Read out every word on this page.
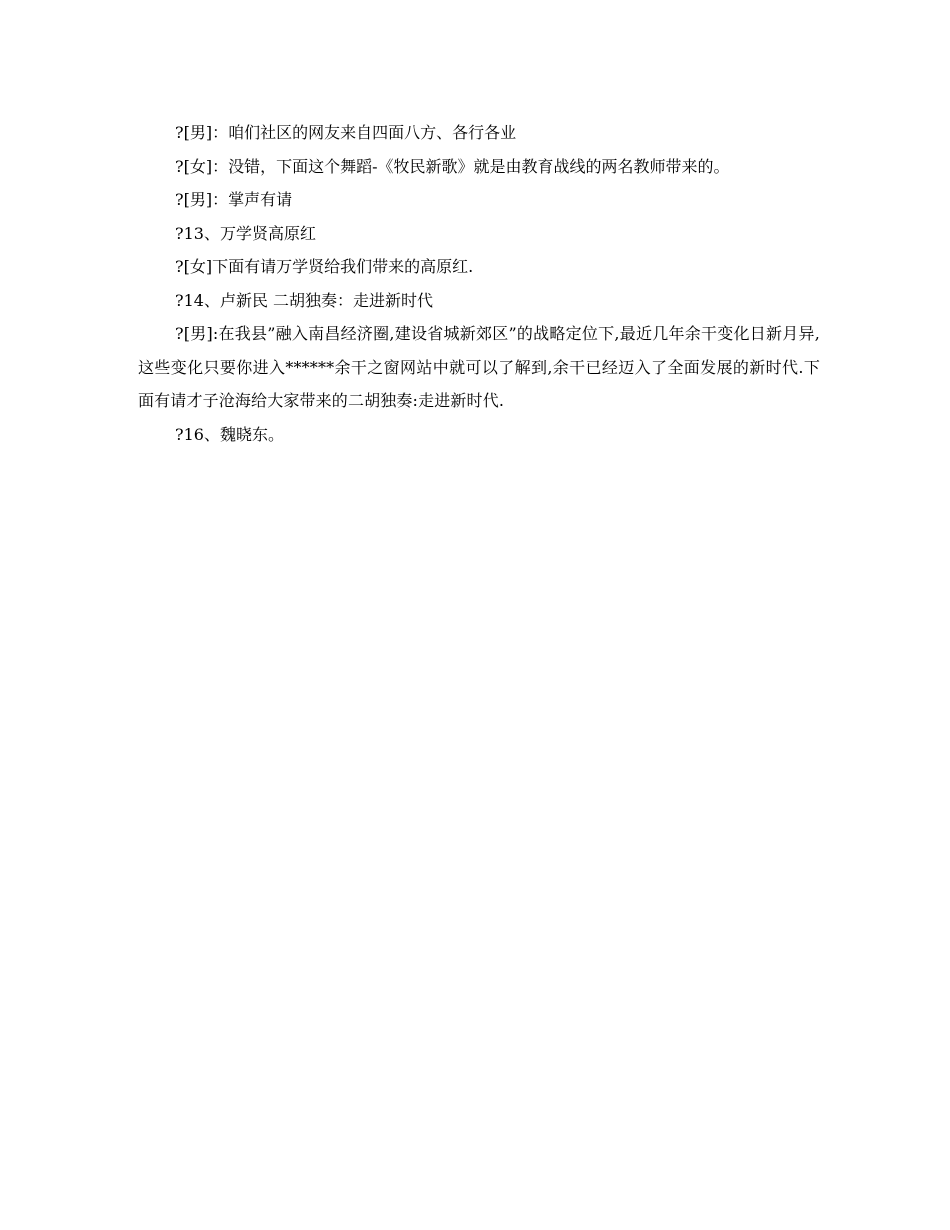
?[男]：咱们社区的网友来自四面八方、各行各业

?[女]：没错，下面这个舞蹈-《牧民新歌》就是由教育战线的两名教师带来的。

?[男]：掌声有请

?13、万学贤高原红

?[女]下面有请万学贤给我们带来的高原红.

?14、卢新民 二胡独奏：走进新时代

?[男]:在我县”融入南昌经济圈,建设省城新郊区”的战略定位下,最近几年余干变化日新月异,这些变化只要你进入******余干之窗网站中就可以了解到,余干已经迈入了全面发展的新时代.下面有请才子沧海给大家带来的二胡独奏:走进新时代.

?16、魏晓东。
